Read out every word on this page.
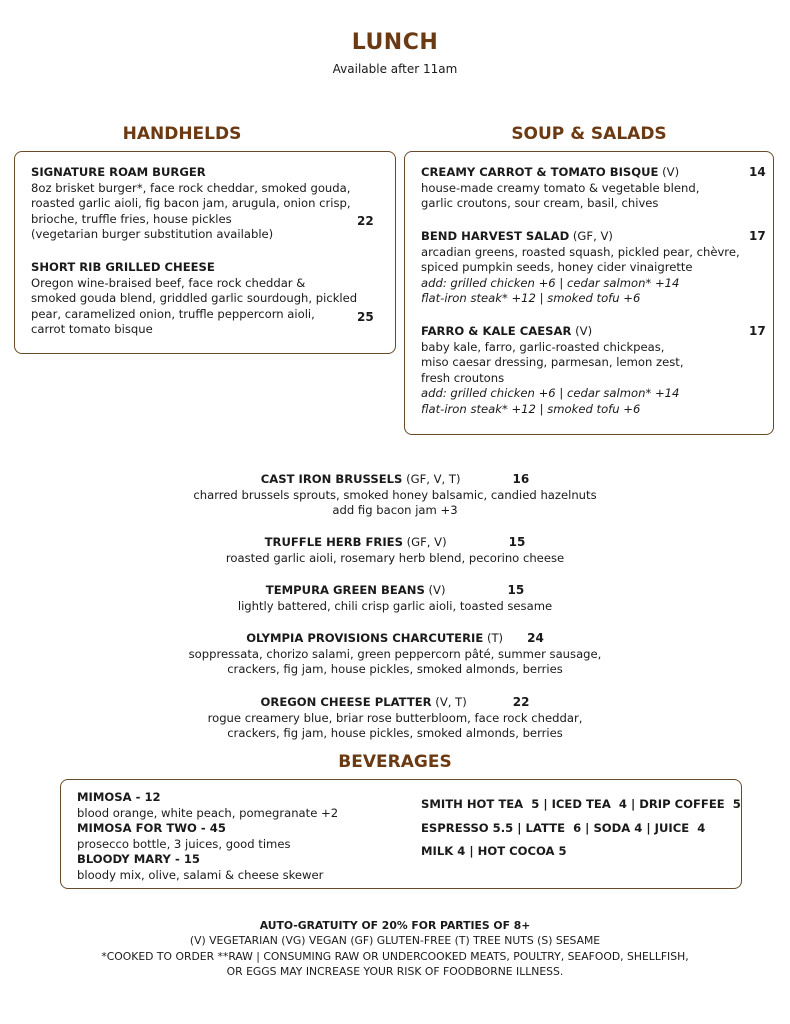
LUNCH
Available after 11am
HANDHELDS
SIGNATURE ROAM BURGER
8oz brisket burger*, face rock cheddar, smoked gouda,
roasted garlic aioli, fig bacon jam, arugula, onion crisp,
brioche, truffle fries, house pickles
(vegetarian burger substitution available)
22
SHORT RIB GRILLED CHEESE
Oregon wine-braised beef, face rock cheddar &
smoked gouda blend, griddled garlic sourdough, pickled
pear, caramelized onion, truffle peppercorn aioli,
carrot tomato bisque
25
SOUP & SALADS
CREAMY CARROT & TOMATO BISQUE (V)
house-made creamy tomato & vegetable blend,
garlic croutons, sour cream, basil, chives
14
BEND HARVEST SALAD (GF, V)
arcadian greens, roasted squash, pickled pear, chèvre,
spiced pumpkin seeds, honey cider vinaigrette
add: grilled chicken +6 | cedar salmon* +14
flat-iron steak* +12 | smoked tofu +6
17
FARRO & KALE CAESAR (V)
baby kale, farro, garlic-roasted chickpeas,
miso caesar dressing, parmesan, lemon zest,
fresh croutons
add: grilled chicken +6 | cedar salmon* +14
flat-iron steak* +12 | smoked tofu +6
17
CAST IRON BRUSSELS (GF, V, T)	16
charred brussels sprouts, smoked honey balsamic, candied hazelnuts
add fig bacon jam +3
TRUFFLE HERB FRIES (GF, V)	15
roasted garlic aioli, rosemary herb blend, pecorino cheese
TEMPURA GREEN BEANS (V)	15
lightly battered, chili crisp garlic aioli, toasted sesame
OLYMPIA PROVISIONS CHARCUTERIE (T) 24
soppressata, chorizo salami, green peppercorn pâté, summer sausage,
crackers, fig jam, house pickles, smoked almonds, berries
OREGON CHEESE PLATTER (V, T)	22
rogue creamery blue, briar rose butterbloom, face rock cheddar,
crackers, fig jam, house pickles, smoked almonds, berries
BEVERAGES
MIMOSA - 12
blood orange, white peach, pomegranate +2
MIMOSA FOR TWO - 45
prosecco bottle, 3 juices, good times
BLOODY MARY - 15
bloody mix, olive, salami & cheese skewer
SMITH HOT TEA  5 | ICED TEA  4 | DRIP COFFEE  5
ESPRESSO 5.5 | LATTE  6 | SODA 4 | JUICE  4
MILK 4 | HOT COCOA 5
AUTO-GRATUITY OF 20% FOR PARTIES OF 8+
(V) VEGETARIAN (VG) VEGAN (GF) GLUTEN-FREE (T) TREE NUTS (S) SESAME
*COOKED TO ORDER **RAW | CONSUMING RAW OR UNDERCOOKED MEATS, POULTRY, SEAFOOD, SHELLFISH,
OR EGGS MAY INCREASE YOUR RISK OF FOODBORNE ILLNESS.
